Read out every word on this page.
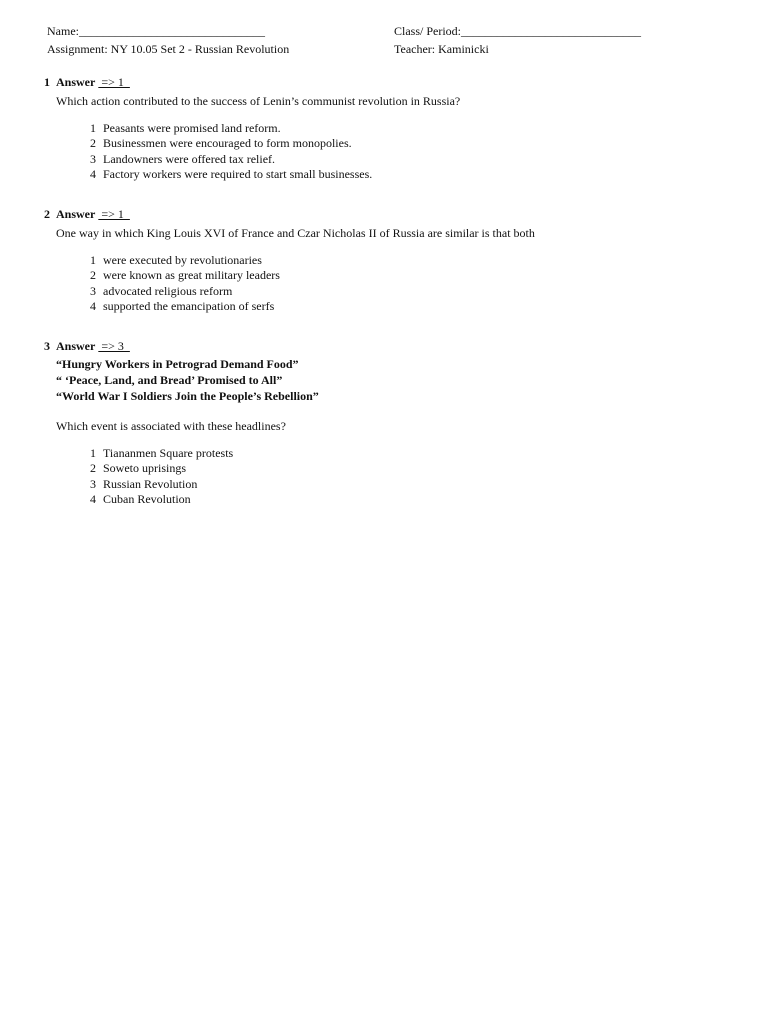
Name:_______________________________	Class/ Period:______________________________
Assignment: NY 10.05 Set 2 - Russian Revolution	Teacher: Kaminicki
1 Answer  => 1
Which action contributed to the success of Lenin’s communist revolution in Russia?
1 Peasants were promised land reform.
2 Businessmen were encouraged to form monopolies.
3 Landowners were offered tax relief.
4 Factory workers were required to start small businesses.
2 Answer  => 1
One way in which King Louis XVI of France and Czar Nicholas II of Russia are similar is that both
1 were executed by revolutionaries
2 were known as great military leaders
3 advocated religious reform
4 supported the emancipation of serfs
3 Answer  => 3
“Hungry Workers in Petrograd Demand Food”
“ ‘Peace, Land, and Bread’ Promised to All”
“World War I Soldiers Join the People’s Rebellion”
Which event is associated with these headlines?
1 Tiananmen Square protests
2 Soweto uprisings
3 Russian Revolution
4 Cuban Revolution
